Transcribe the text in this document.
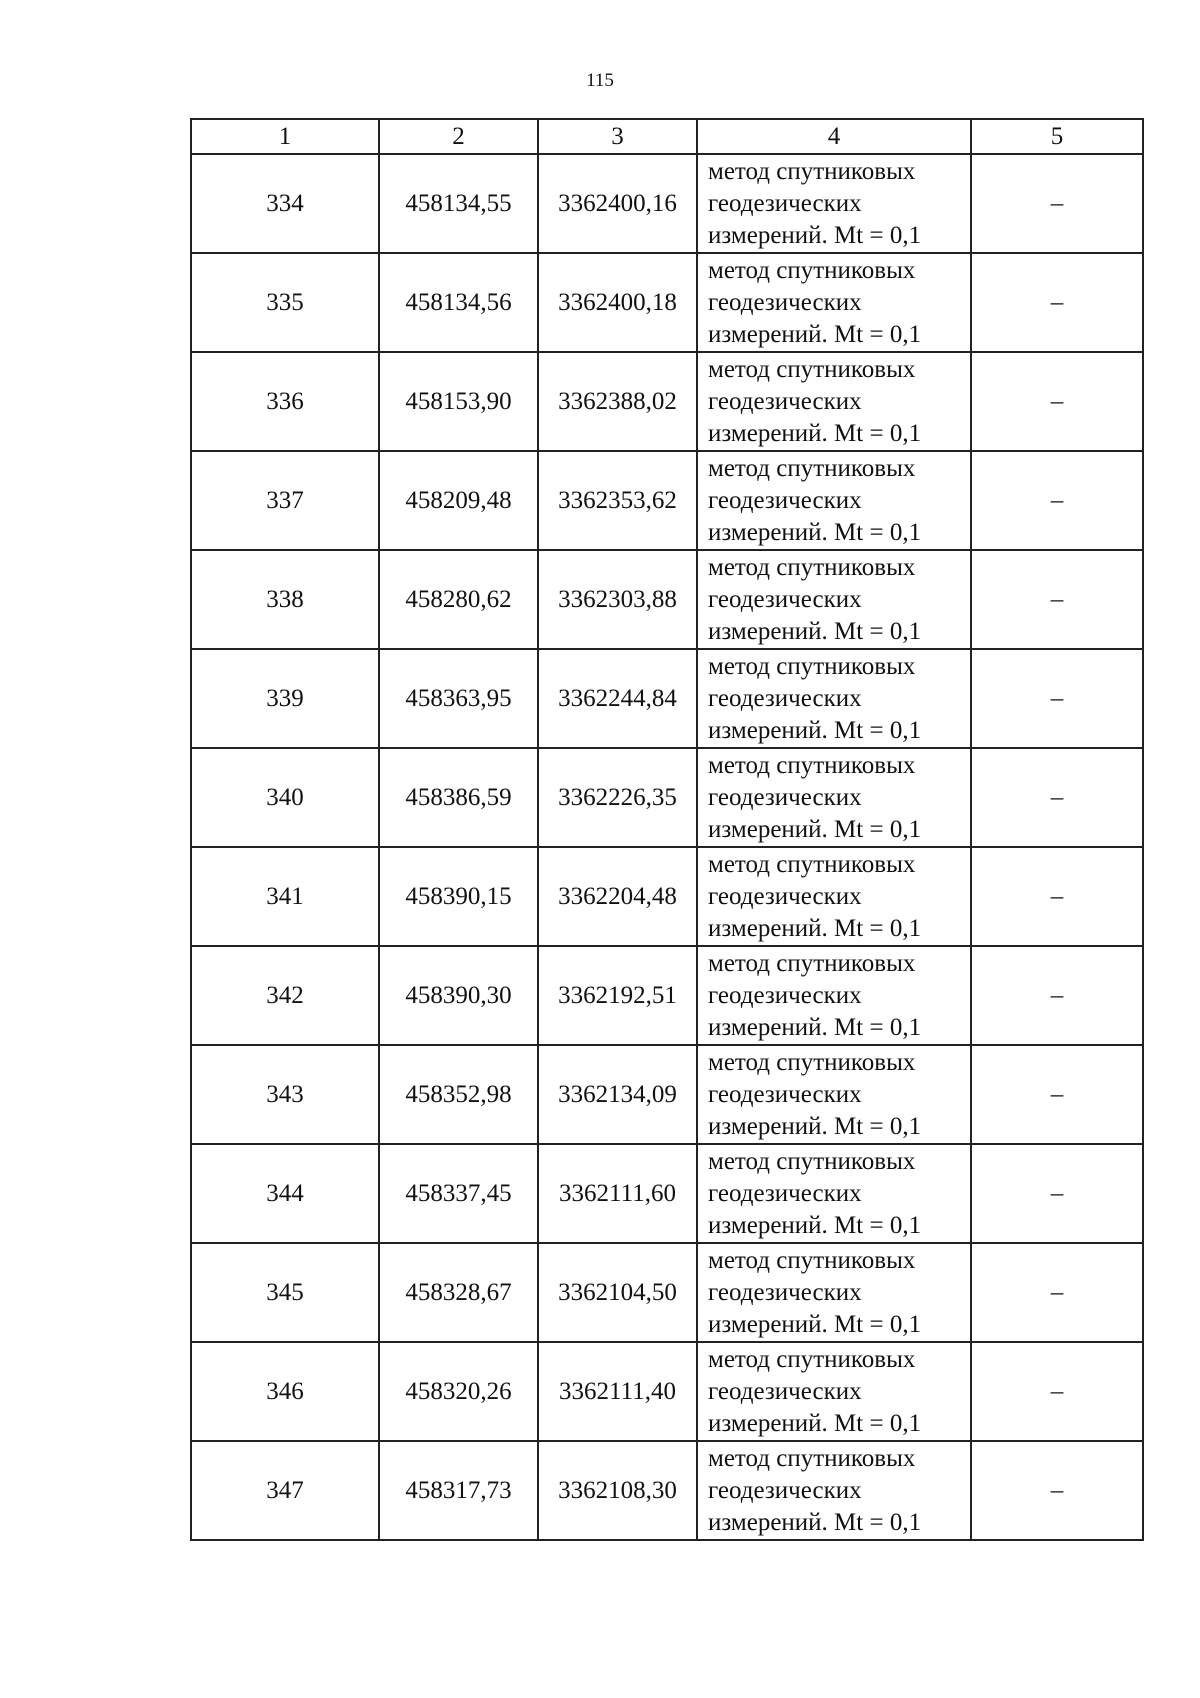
115
1	2	3	4	5
334	458134,55	3362400,16	метод спутниковых
геодезических
измерений. Mt = 0,1	–
335	458134,56	3362400,18	метод спутниковых
геодезических
измерений. Mt = 0,1	–
336	458153,90	3362388,02	метод спутниковых
геодезических
измерений. Mt = 0,1	–
337	458209,48	3362353,62	метод спутниковых
геодезических
измерений. Mt = 0,1	–
338	458280,62	3362303,88	метод спутниковых
геодезических
измерений. Mt = 0,1	–
339	458363,95	3362244,84	метод спутниковых
геодезических
измерений. Mt = 0,1	–
340	458386,59	3362226,35	метод спутниковых
геодезических
измерений. Mt = 0,1	–
341	458390,15	3362204,48	метод спутниковых
геодезических
измерений. Mt = 0,1	–
342	458390,30	3362192,51	метод спутниковых
геодезических
измерений. Mt = 0,1	–
343	458352,98	3362134,09	метод спутниковых
геодезических
измерений. Mt = 0,1	–
344	458337,45	3362111,60	метод спутниковых
геодезических
измерений. Mt = 0,1	–
345	458328,67	3362104,50	метод спутниковых
геодезических
измерений. Mt = 0,1	–
346	458320,26	3362111,40	метод спутниковых
геодезических
измерений. Mt = 0,1	–
347	458317,73	3362108,30	метод спутниковых
геодезических
измерений. Mt = 0,1	–
